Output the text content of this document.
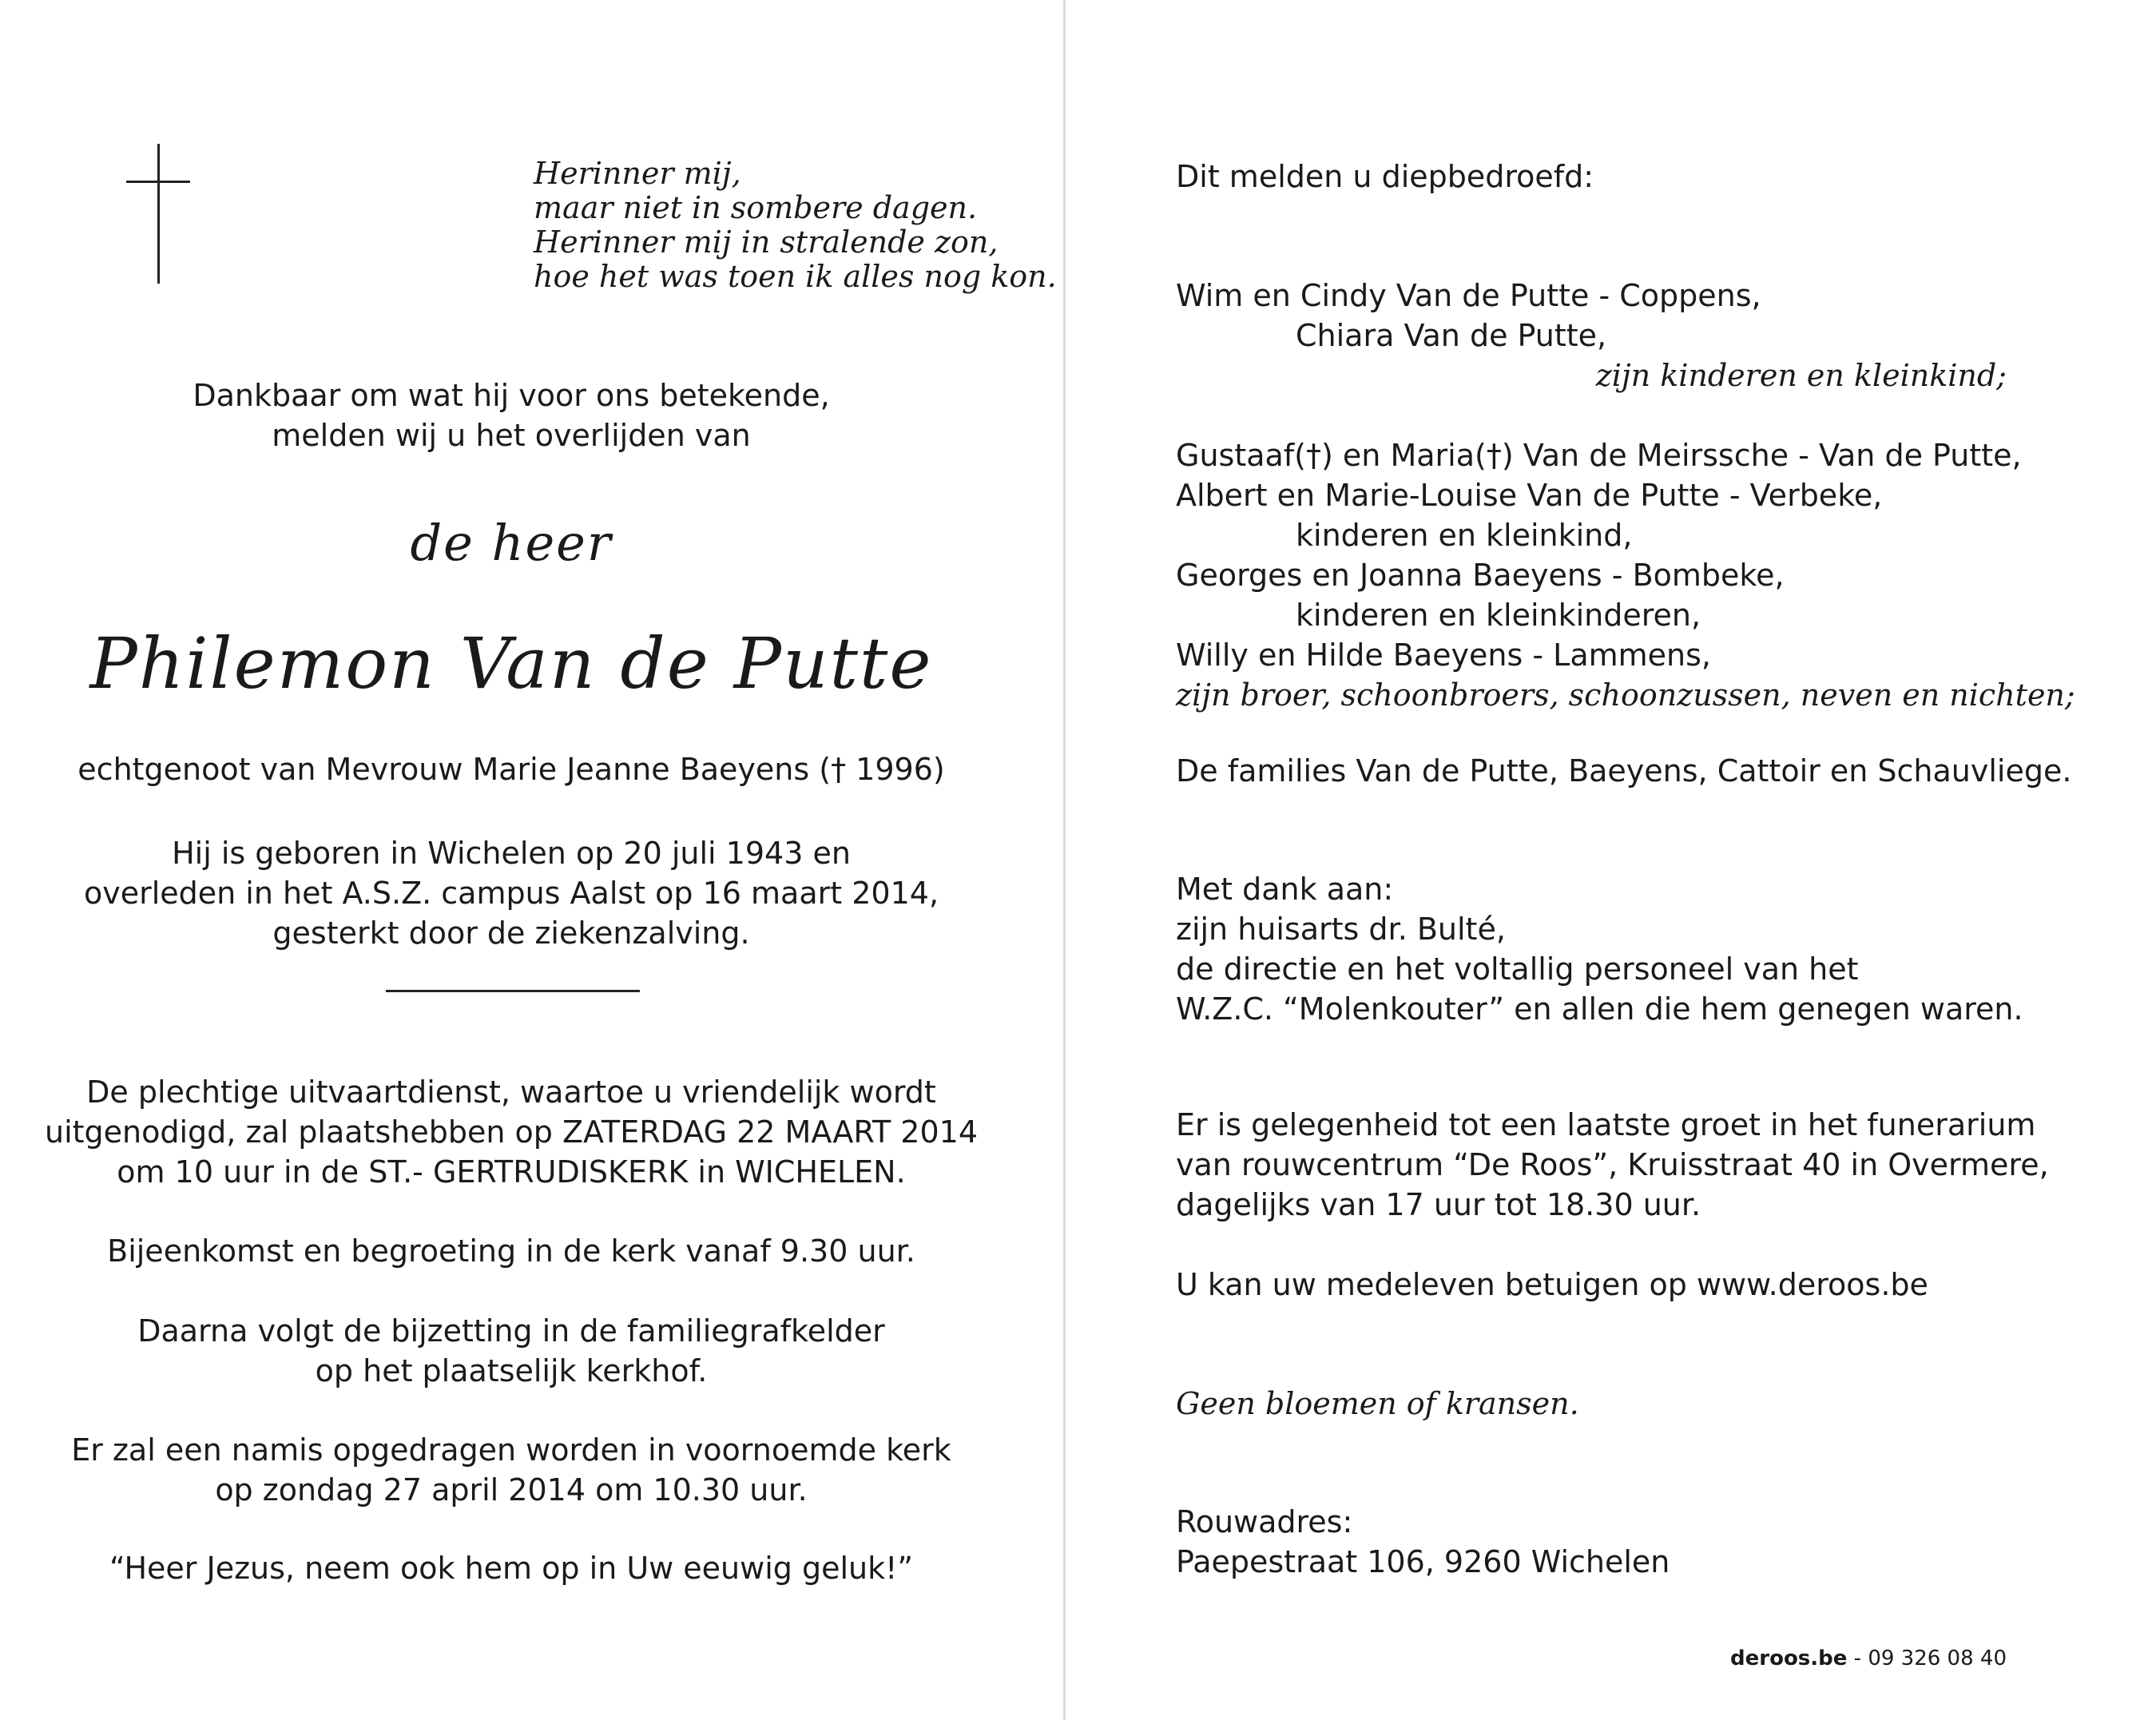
Herinner mij,
maar niet in sombere dagen.
Herinner mij in stralende zon,
hoe het was toen ik alles nog kon.
Dankbaar om wat hij voor ons betekende,
melden wij u het overlijden van
de heer
Philemon Van de Putte
echtgenoot van Mevrouw Marie Jeanne Baeyens († 1996)
Hij is geboren in Wichelen op 20 juli 1943 en
overleden in het A.S.Z. campus Aalst op 16 maart 2014,
gesterkt door de ziekenzalving.
De plechtige uitvaartdienst, waartoe u vriendelijk wordt
uitgenodigd, zal plaatshebben op ZATERDAG 22 MAART 2014
om 10 uur in de ST.- GERTRUDISKERK in WICHELEN.
Bijeenkomst en begroeting in de kerk vanaf 9.30 uur.
Daarna volgt de bijzetting in de familiegrafkelder
op het plaatselijk kerkhof.
Er zal een namis opgedragen worden in voornoemde kerk
op zondag 27 april 2014 om 10.30 uur.
“Heer Jezus, neem ook hem op in Uw eeuwig geluk!”
Dit melden u diepbedroefd:
Wim en Cindy Van de Putte - Coppens,
Chiara Van de Putte,
zijn kinderen en kleinkind;
Gustaaf(†) en Maria(†) Van de Meirssche - Van de Putte,
Albert en Marie-Louise Van de Putte - Verbeke,
kinderen en kleinkind,
Georges en Joanna Baeyens - Bombeke,
kinderen en kleinkinderen,
Willy en Hilde Baeyens - Lammens,
zijn broer, schoonbroers, schoonzussen, neven en nichten;
De families Van de Putte, Baeyens, Cattoir en Schauvliege.
Met dank aan:
zijn huisarts dr. Bulté,
de directie en het voltallig personeel van het
W.Z.C. “Molenkouter” en allen die hem genegen waren.
Er is gelegenheid tot een laatste groet in het funerarium
van rouwcentrum “De Roos”, Kruisstraat 40 in Overmere,
dagelijks van 17 uur tot 18.30 uur.
U kan uw medeleven betuigen op www.deroos.be
Geen bloemen of kransen.
Rouwadres:
Paepestraat 106, 9260 Wichelen
deroos.be - 09 326 08 40
